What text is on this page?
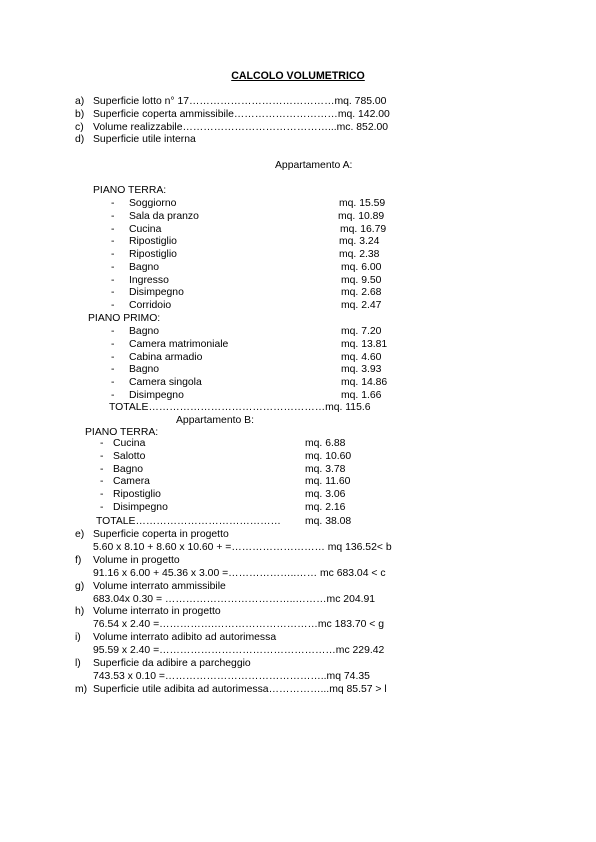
CALCOLO VOLUMETRICO
a) Superficie lotto n° 17……………………………………mq. 785.00
b) Superficie coperta ammissibile…………………………mq. 142.00
c) Volume realizzabile……………………………………...mc. 852.00
d) Superficie utile interna
Appartamento A:
PIANO TERRA:
- Soggiorno	mq. 15.59
- Sala da pranzo	mq. 10.89
- Cucina	mq. 16.79
- Ripostiglio	mq. 3.24
- Ripostiglio	mq. 2.38
- Bagno	mq. 6.00
- Ingresso	mq. 9.50
- Disimpegno	mq. 2.68
- Corridoio	mq. 2.47
PIANO PRIMO:
- Bagno	mq. 7.20
- Camera matrimoniale	mq. 13.81
- Cabina armadio	mq. 4.60
- Bagno	mq. 3.93
- Camera singola	mq. 14.86
- Disimpegno	mq. 1.66
TOTALE……………………………………………mq. 115.6
Appartamento B:
PIANO TERRA:
- Cucina	mq. 6.88
- Salotto	mq. 10.60
- Bagno	mq. 3.78
- Camera	mq. 11.60
- Ripostiglio	mq. 3.06
- Disimpegno	mq. 2.16
TOTALE…………………………………… mq. 38.08
e) Superficie coperta in progetto
5.60 x 8.10 + 8.60 x 10.60 + =……………………… mq 136.52< b
f) Volume in progetto
91.16 x 6.00 + 45.36 x 3.00 =………………..…… mc 683.04 < c
g) Volume interrato ammissibile
683.04x 0.30 = ………………………………..………mc 204.91
h) Volume interrato in progetto
76.54 x 2.40 =…………….…………………………mc 183.70 < g
i) Volume interrato adibito ad autorimessa
95.59 x 2.40 =……………………………………………mc 229.42
l) Superficie da adibire a parcheggio
743.53 x 0.10 =………………………………………..mq 74.35
m) Superficie utile adibita ad autorimessa……………...mq 85.57 > l
